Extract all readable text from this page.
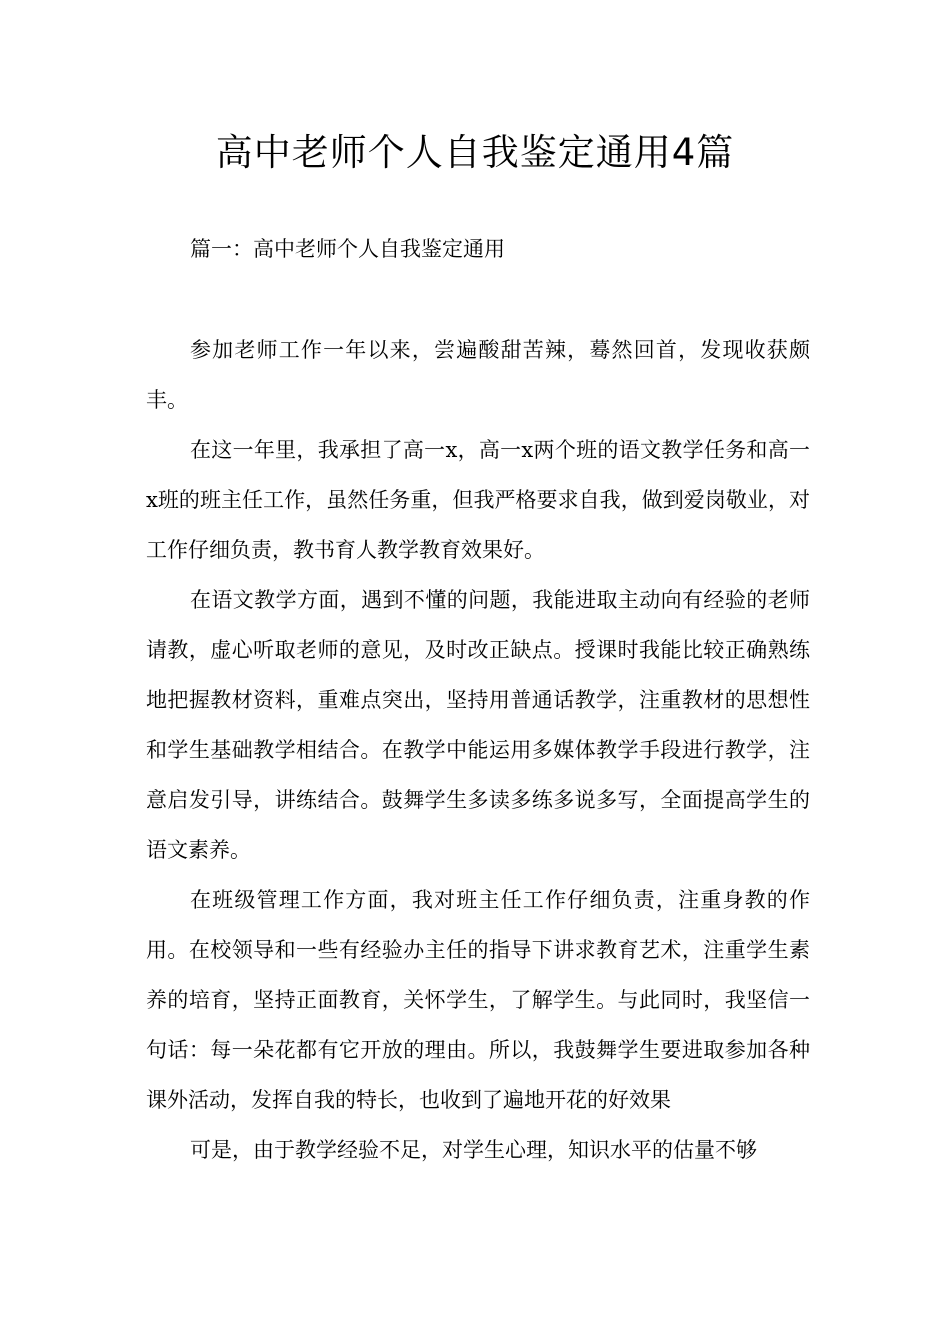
高中老师个人自我鉴定通用4篇
篇一：高中老师个人自我鉴定通用

参加老师工作一年以来，尝遍酸甜苦辣，蓦然回首，发现收获颇丰。

在这一年里，我承担了高一x，高一x两个班的语文教学任务和高一x班的班主任工作，虽然任务重，但我严格要求自我，做到爱岗敬业，对工作仔细负责，教书育人教学教育效果好。

在语文教学方面，遇到不懂的问题，我能进取主动向有经验的老师请教，虚心听取老师的意见，及时改正缺点。授课时我能比较正确熟练地把握教材资料，重难点突出，坚持用普通话教学，注重教材的思想性和学生基础教学相结合。在教学中能运用多媒体教学手段进行教学，注意启发引导，讲练结合。鼓舞学生多读多练多说多写，全面提高学生的语文素养。

在班级管理工作方面，我对班主任工作仔细负责，注重身教的作用。在校领导和一些有经验办主任的指导下讲求教育艺术，注重学生素养的培育，坚持正面教育，关怀学生，了解学生。与此同时，我坚信一句话：每一朵花都有它开放的理由。所以，我鼓舞学生要进取参加各种课外活动，发挥自我的特长，也收到了遍地开花的好效果

可是，由于教学经验不足，对学生心理，知识水平的估量不够
